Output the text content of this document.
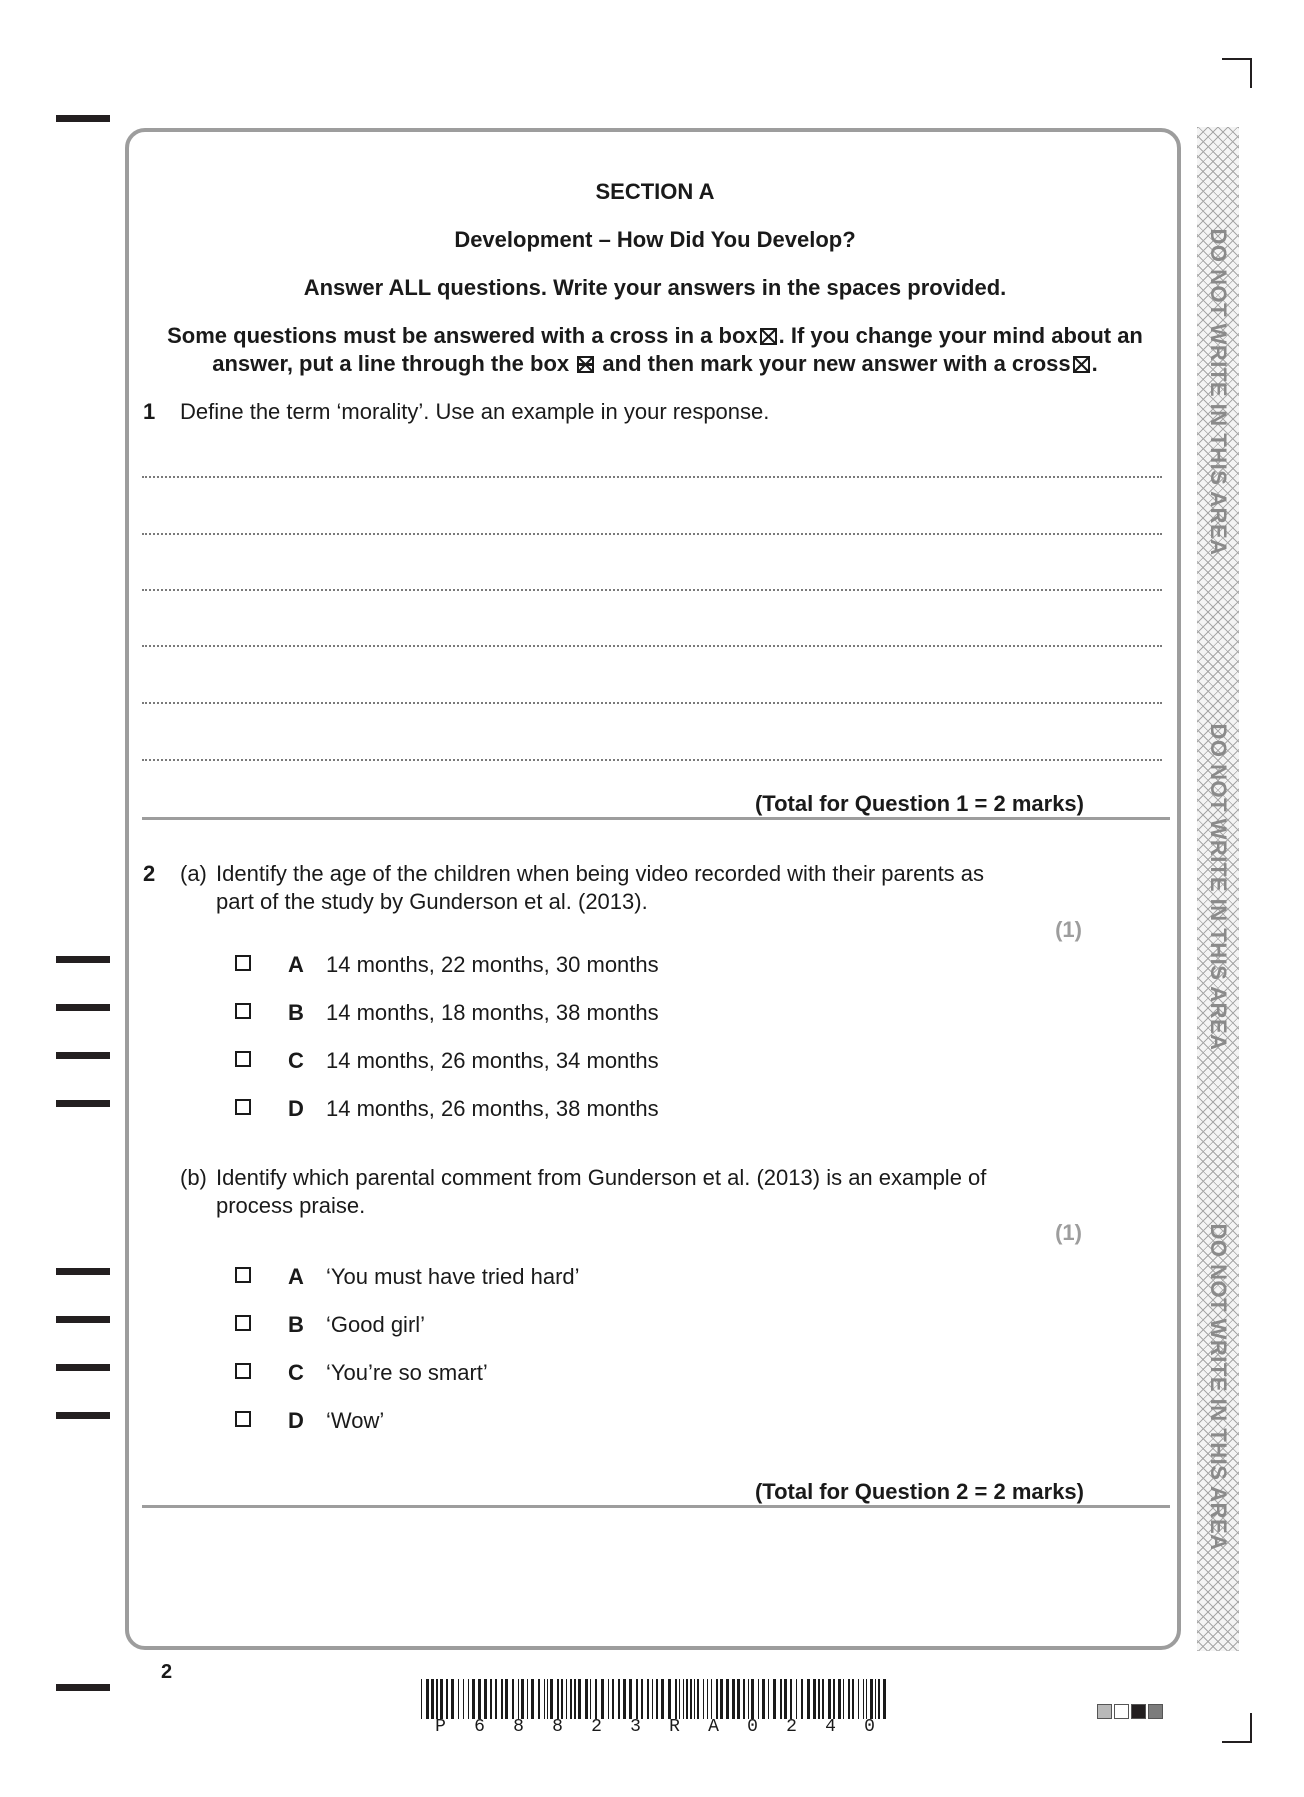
DO NOT WRITE IN THIS AREA
DO NOT WRITE IN THIS AREA
DO NOT WRITE IN THIS AREA
SECTION A
Development – How Did You Develop?
Answer ALL questions. Write your answers in the spaces provided.
Some questions must be answered with a cross in a box ☒ . If you change your mind about an
answer, put a line through the box and then mark your new answer with a cross ☒ .
1 Define the term ‘morality’. Use an example in your response.
(Total for Question 1 = 2 marks)
2 (a) Identify the age of the children when being video recorded with their parents as
part of the study by Gunderson et al. (2013).
(1)
A 14 months, 22 months, 30 months
B 14 months, 18 months, 38 months
C 14 months, 26 months, 34 months
D 14 months, 26 months, 38 months
(b) Identify which parental comment from Gunderson et al. (2013) is an example of
process praise.
(1)
A ‘You must have tried hard’
B ‘Good girl’
C ‘You’re so smart’
D ‘Wow’
(Total for Question 2 = 2 marks)
2
P 6 8 8 2 3 R A 0 2 4 0
